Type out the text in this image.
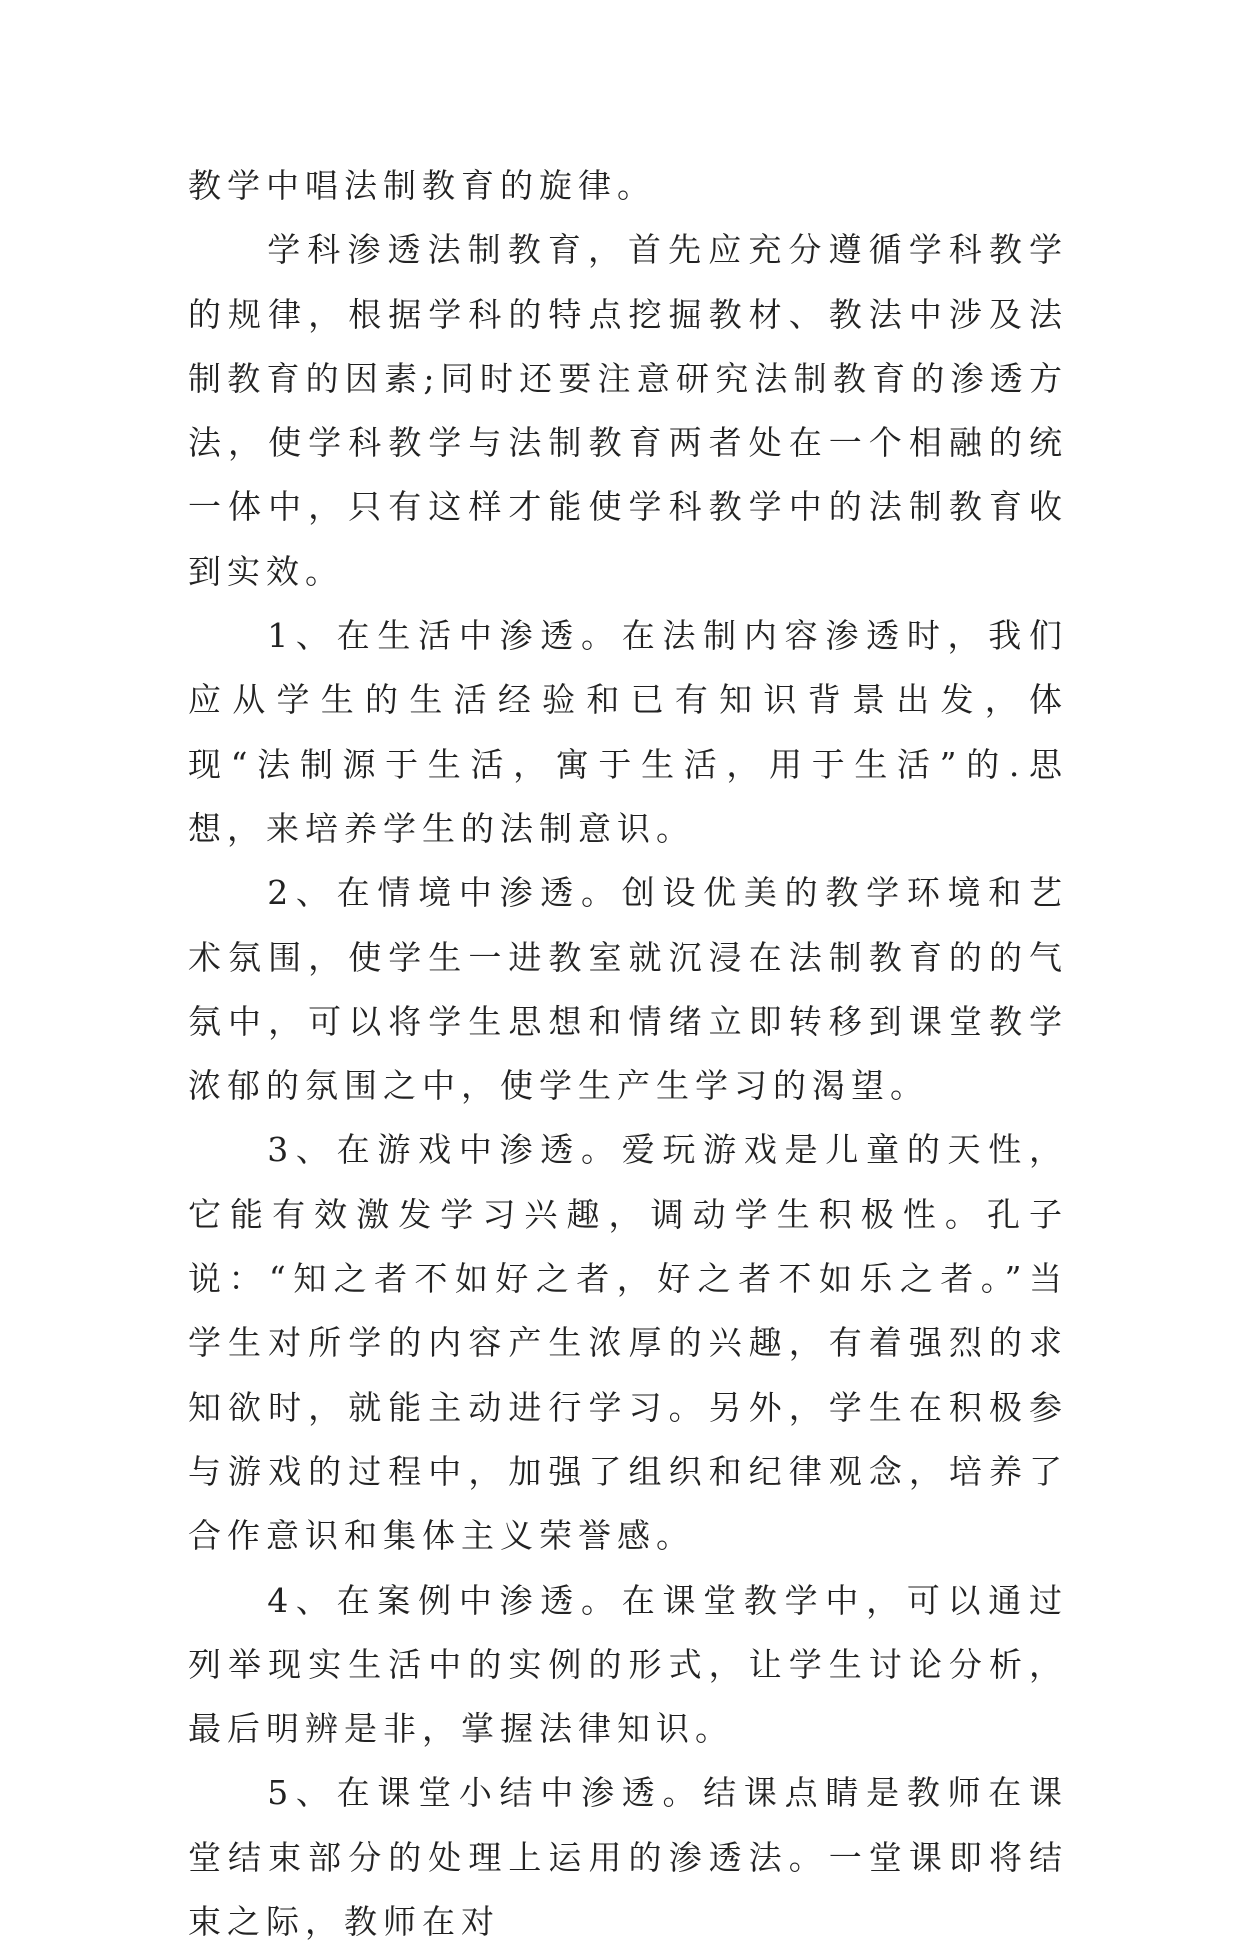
教学中唱法制教育的旋律。

学科渗透法制教育，首先应充分遵循学科教学的规律，根据学科的特点挖掘教材、教法中涉及法制教育的因素;同时还要注意研究法制教育的渗透方法，使学科教学与法制教育两者处在一个相融的统一体中，只有这样才能使学科教学中的法制教育收到实效。

1、在生活中渗透。在法制内容渗透时，我们应从学生的生活经验和已有知识背景出发，体现“法制源于生活，寓于生活，用于生活”的.思想，来培养学生的法制意识。

2、在情境中渗透。创设优美的教学环境和艺术氛围，使学生一进教室就沉浸在法制教育的的气氛中，可以将学生思想和情绪立即转移到课堂教学浓郁的氛围之中，使学生产生学习的渴望。

3、在游戏中渗透。爱玩游戏是儿童的天性，它能有效激发学习兴趣，调动学生积极性。孔子说：“知之者不如好之者，好之者不如乐之者。”当学生对所学的内容产生浓厚的兴趣，有着强烈的求知欲时，就能主动进行学习。另外，学生在积极参与游戏的过程中，加强了组织和纪律观念，培养了合作意识和集体主义荣誉感。

4、在案例中渗透。在课堂教学中，可以通过列举现实生活中的实例的形式，让学生讨论分析，最后明辨是非，掌握法律知识。

5、在课堂小结中渗透。结课点睛是教师在课堂结束部分的处理上运用的渗透法。一堂课即将结束之际，教师在对
